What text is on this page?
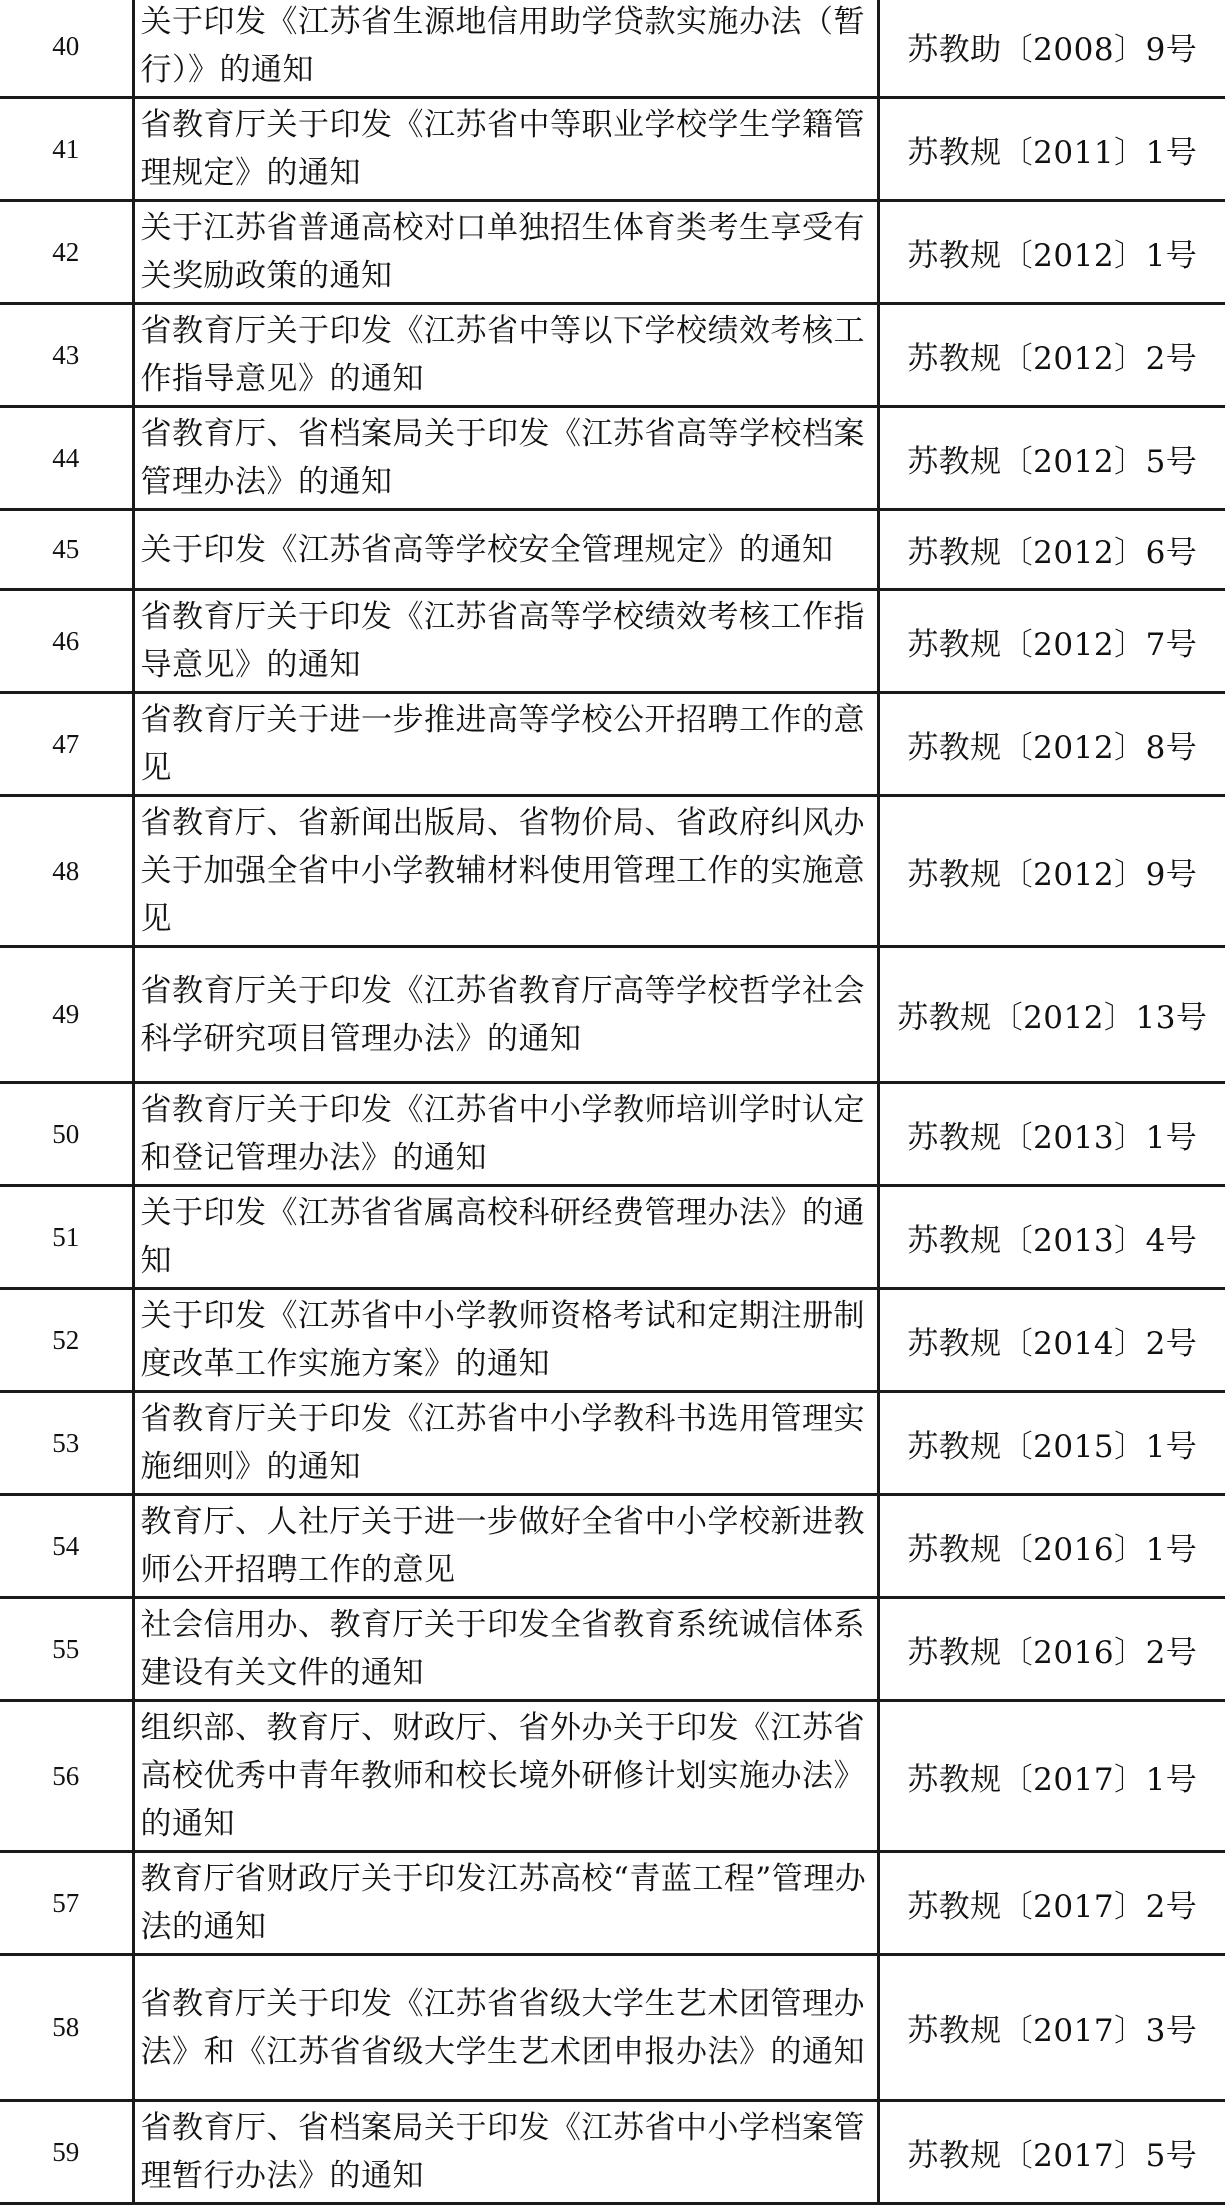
40	关于印发《江苏省生源地信用助学贷款实施办法（暂行）》的通知	苏教助〔2008〕9号
41	省教育厅关于印发《江苏省中等职业学校学生学籍管理规定》的通知	苏教规〔2011〕1号
42	关于江苏省普通高校对口单独招生体育类考生享受有关奖励政策的通知	苏教规〔2012〕1号
43	省教育厅关于印发《江苏省中等以下学校绩效考核工作指导意见》的通知	苏教规〔2012〕2号
44	省教育厅、省档案局关于印发《江苏省高等学校档案管理办法》的通知	苏教规〔2012〕5号
45	关于印发《江苏省高等学校安全管理规定》的通知	苏教规〔2012〕6号
46	省教育厅关于印发《江苏省高等学校绩效考核工作指导意见》的通知	苏教规〔2012〕7号
47	省教育厅关于进一步推进高等学校公开招聘工作的意见	苏教规〔2012〕8号
48	省教育厅、省新闻出版局、省物价局、省政府纠风办关于加强全省中小学教辅材料使用管理工作的实施意见	苏教规〔2012〕9号
49	省教育厅关于印发《江苏省教育厅高等学校哲学社会科学研究项目管理办法》的通知	苏教规〔2012〕13号
50	省教育厅关于印发《江苏省中小学教师培训学时认定和登记管理办法》的通知	苏教规〔2013〕1号
51	关于印发《江苏省省属高校科研经费管理办法》的通知	苏教规〔2013〕4号
52	关于印发《江苏省中小学教师资格考试和定期注册制度改革工作实施方案》的通知	苏教规〔2014〕2号
53	省教育厅关于印发《江苏省中小学教科书选用管理实施细则》的通知	苏教规〔2015〕1号
54	教育厅、人社厅关于进一步做好全省中小学校新进教师公开招聘工作的意见	苏教规〔2016〕1号
55	社会信用办、教育厅关于印发全省教育系统诚信体系建设有关文件的通知	苏教规〔2016〕2号
56	组织部、教育厅、财政厅、省外办关于印发《江苏省高校优秀中青年教师和校长境外研修计划实施办法》的通知	苏教规〔2017〕1号
57	教育厅省财政厅关于印发江苏高校“青蓝工程”管理办法的通知	苏教规〔2017〕2号
58	省教育厅关于印发《江苏省省级大学生艺术团管理办法》和《江苏省省级大学生艺术团申报办法》的通知	苏教规〔2017〕3号
59	省教育厅、省档案局关于印发《江苏省中小学档案管理暂行办法》的通知	苏教规〔2017〕5号
